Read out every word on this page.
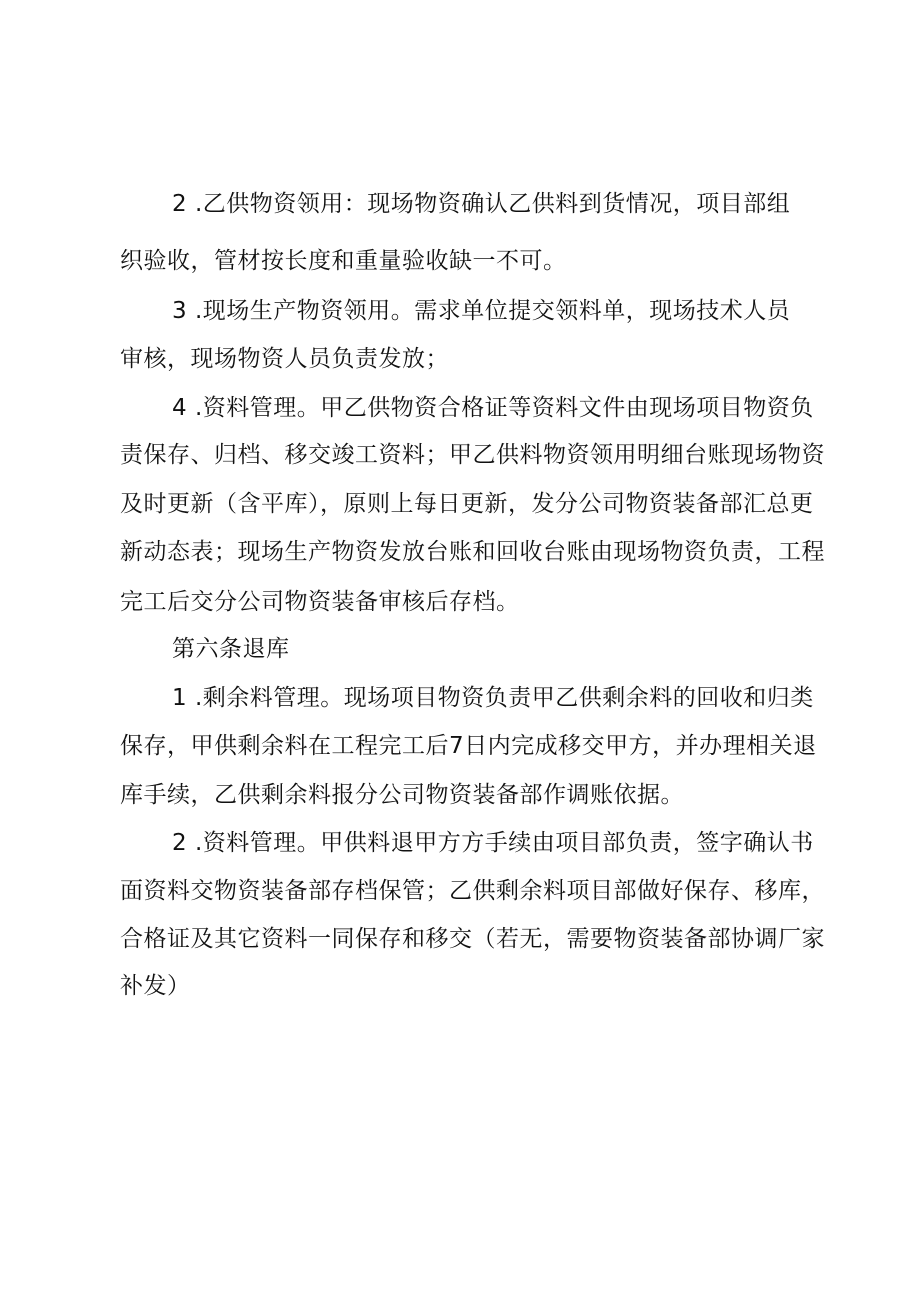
2 .乙供物资领用：现场物资确认乙供料到货情况，项目部组
织验收，管材按长度和重量验收缺一不可。
3 .现场生产物资领用。需求单位提交领料单，现场技术人员
审核，现场物资人员负责发放；
4 .资料管理。甲乙供物资合格证等资料文件由现场项目物资负
责保存、归档、移交竣工资料；甲乙供料物资领用明细台账现场物资
及时更新（含平库），原则上每日更新，发分公司物资装备部汇总更
新动态表；现场生产物资发放台账和回收台账由现场物资负责，工程
完工后交分公司物资装备审核后存档。
第六条退库
1 .剩余料管理。现场项目物资负责甲乙供剩余料的回收和归类
保存，甲供剩余料在工程完工后7日内完成移交甲方，并办理相关退
库手续，乙供剩余料报分公司物资装备部作调账依据。
2 .资料管理。甲供料退甲方方手续由项目部负责，签字确认书
面资料交物资装备部存档保管；乙供剩余料项目部做好保存、移库，
合格证及其它资料一同保存和移交（若无，需要物资装备部协调厂家
补发）
